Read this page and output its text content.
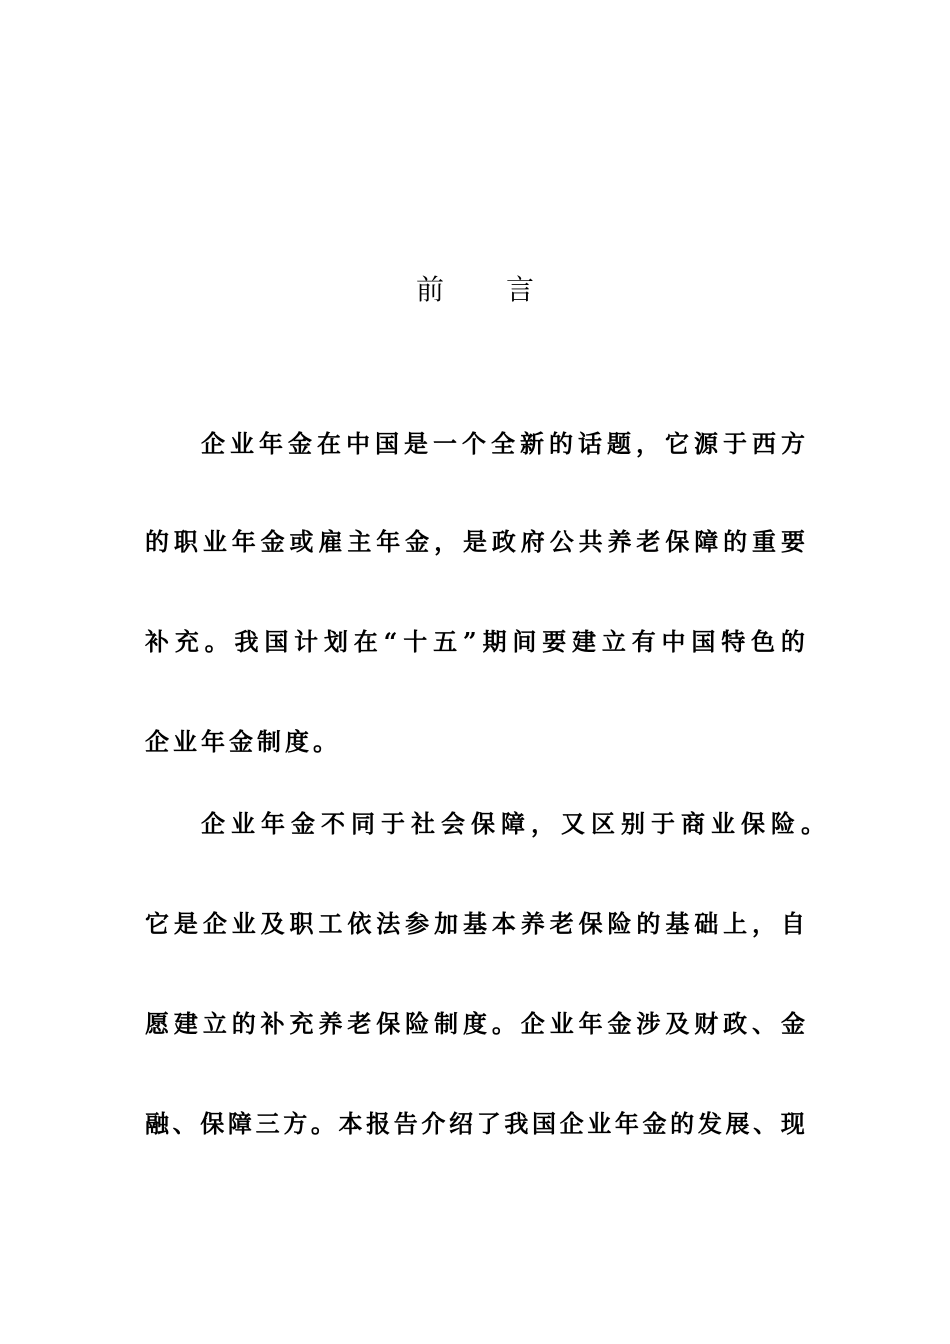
前 言
企 业 年 金 在 中 国 是 一 个 全 新 的 话 题 ， 它 源 于 西 方
的 职 业 年 金 或 雇 主 年 金 ， 是 政 府 公 共 养 老 保 障 的 重 要
补 充 。 我 国 计 划 在 “ 十 五 ” 期 间 要 建 立 有 中 国 特 色 的
企业年金制度。
企业年金不同于社会保障，又区别于商业保险。
它 是 企 业 及 职 工 依 法 参 加 基 本 养 老 保 险 的 基 础 上 ， 自
愿 建 立 的 补 充 养 老 保 险 制 度 。 企 业 年 金 涉 及 财 政 、 金
融 、 保 障 三 方 。 本 报 告 介 绍 了 我 国 企 业 年 金 的 发 展 、 现
